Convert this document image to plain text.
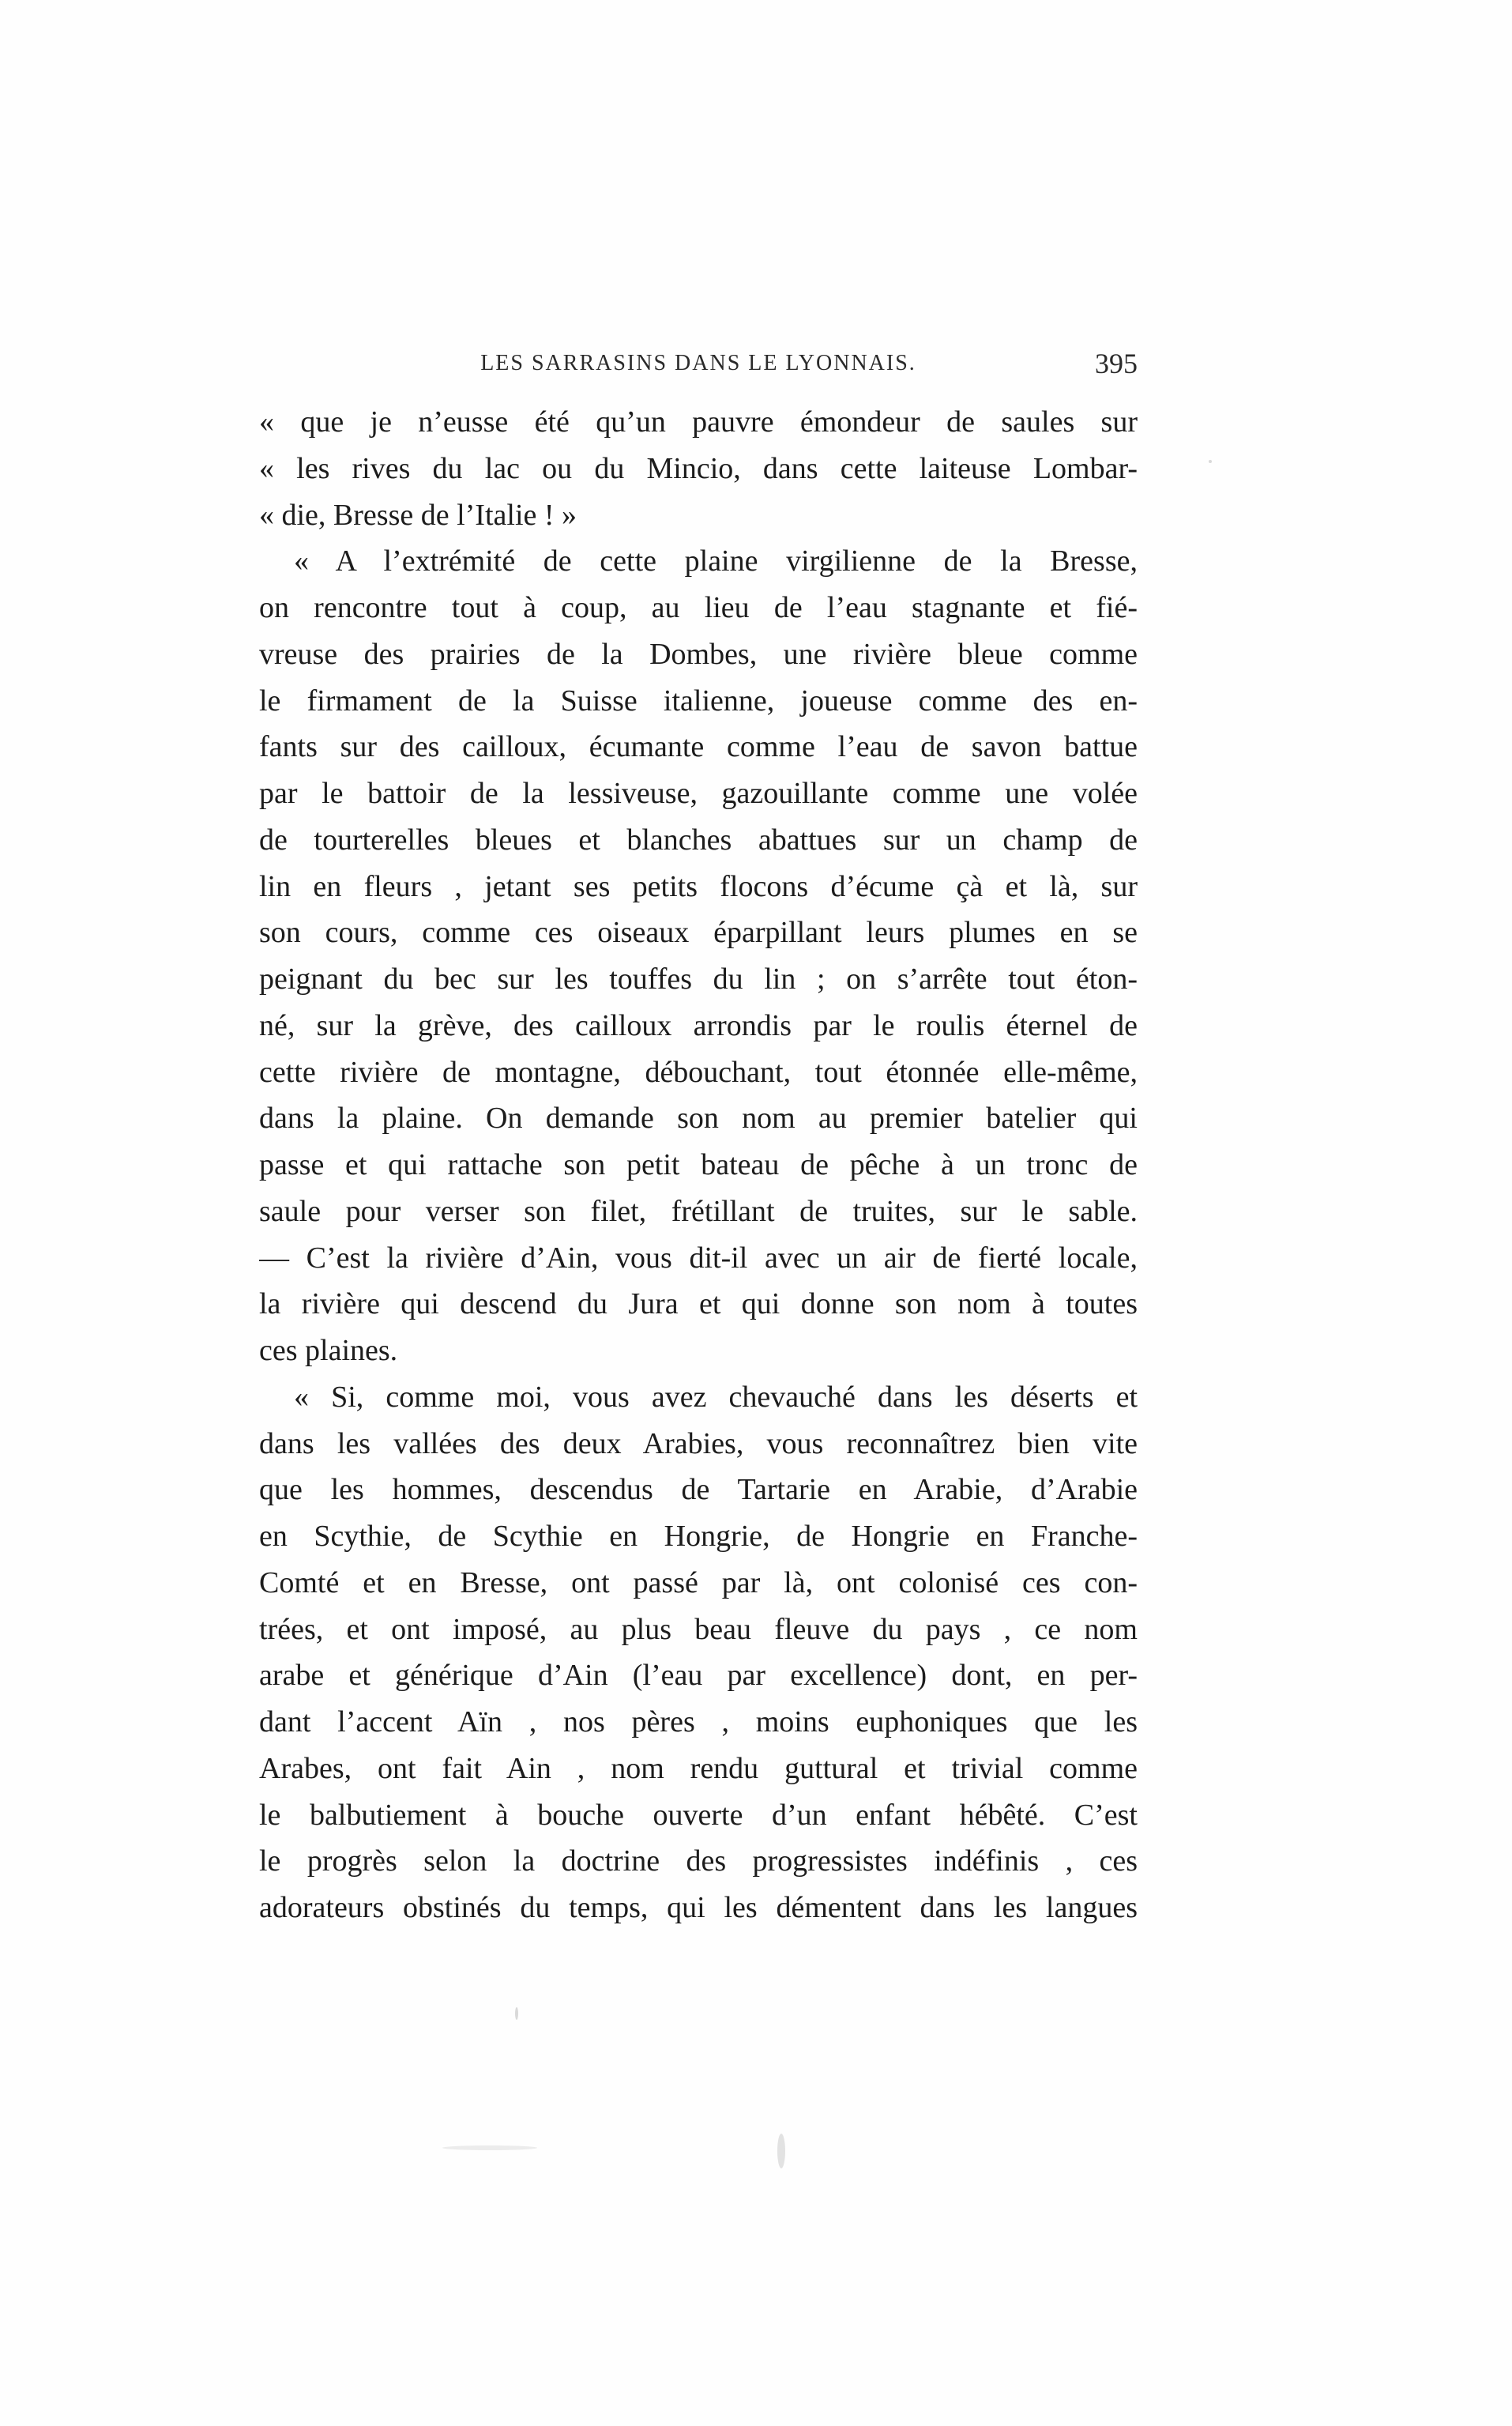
LES SARRASINS DANS LE LYONNAIS.	395
« que je n’eusse été qu’un pauvre émondeur de saules sur
« les rives du lac ou du Mincio, dans cette laiteuse Lombar-
« die, Bresse de l’Italie ! »
« A l’extrémité de cette plaine virgilienne de la Bresse,
on rencontre tout à coup, au lieu de l’eau stagnante et fié-
vreuse des prairies de la Dombes, une rivière bleue comme
le firmament de la Suisse italienne, joueuse comme des en-
fants sur des cailloux, écumante comme l’eau de savon battue
par le battoir de la lessiveuse, gazouillante comme une volée
de tourterelles bleues et blanches abattues sur un champ de
lin en fleurs , jetant ses petits flocons d’écume çà et là, sur
son cours, comme ces oiseaux éparpillant leurs plumes en se
peignant du bec sur les touffes du lin ; on s’arrête tout éton-
né, sur la grève, des cailloux arrondis par le roulis éternel de
cette rivière de montagne, débouchant, tout étonnée elle-même,
dans la plaine. On demande son nom au premier batelier qui
passe et qui rattache son petit bateau de pêche à un tronc de
saule pour verser son filet, frétillant de truites, sur le sable.
— C’est la rivière d’Ain, vous dit-il avec un air de fierté locale,
la rivière qui descend du Jura et qui donne son nom à toutes
ces plaines.
« Si, comme moi, vous avez chevauché dans les déserts et
dans les vallées des deux Arabies, vous reconnaîtrez bien vite
que les hommes, descendus de Tartarie en Arabie, d’Arabie
en Scythie, de Scythie en Hongrie, de Hongrie en Franche-
Comté et en Bresse, ont passé par là, ont colonisé ces con-
trées, et ont imposé, au plus beau fleuve du pays , ce nom
arabe et générique d’Ain (l’eau par excellence) dont, en per-
dant l’accent Aïn , nos pères , moins euphoniques que les
Arabes, ont fait Ain , nom rendu guttural et trivial comme
le balbutiement à bouche ouverte d’un enfant hébêté. C’est
le progrès selon la doctrine des progressistes indéfinis , ces
adorateurs obstinés du temps, qui les démentent dans les langues
